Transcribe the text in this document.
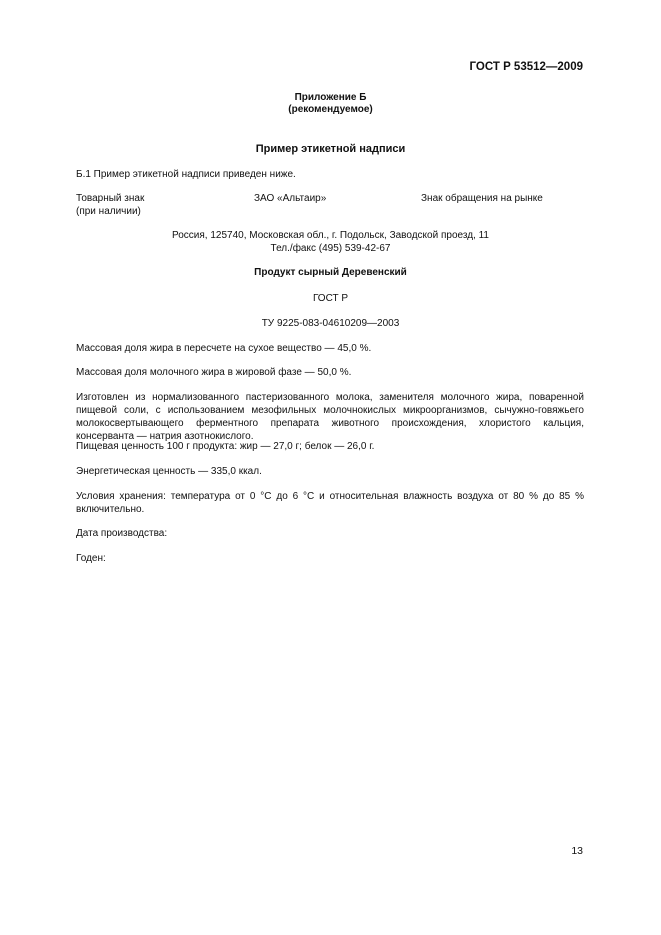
ГОСТ Р 53512—2009
Приложение Б
(рекомендуемое)
Пример этикетной надписи
Б.1 Пример этикетной надписи приведен ниже.
Товарный знак
(при наличии)
ЗАО «Альтаир»	Знак обращения на рынке
Россия, 125740, Московская обл., г. Подольск, Заводской проезд, 11
Тел./факс (495) 539-42-67
Продукт сырный Деревенский
ГОСТ Р
ТУ 9225-083-04610209—2003
Массовая доля жира в пересчете на сухое вещество — 45,0 %.
Массовая доля молочного жира в жировой фазе — 50,0 %.
Изготовлен из нормализованного пастеризованного молока, заменителя молочного жира, поваренной пищевой соли, с использованием мезофильных молочнокислых микроорганизмов, сычужно-говяжьего молокосвертывающего ферментного препарата животного происхождения, хлористого кальция, консерванта — натрия азотнокислого.
Пищевая ценность 100 г продукта: жир — 27,0 г; белок — 26,0 г.
Энергетическая ценность — 335,0 ккал.
Условия хранения: температура от 0 °С до 6 °С и относительная влажность воздуха от 80 % до 85 % включительно.
Дата производства:
Годен:
13
